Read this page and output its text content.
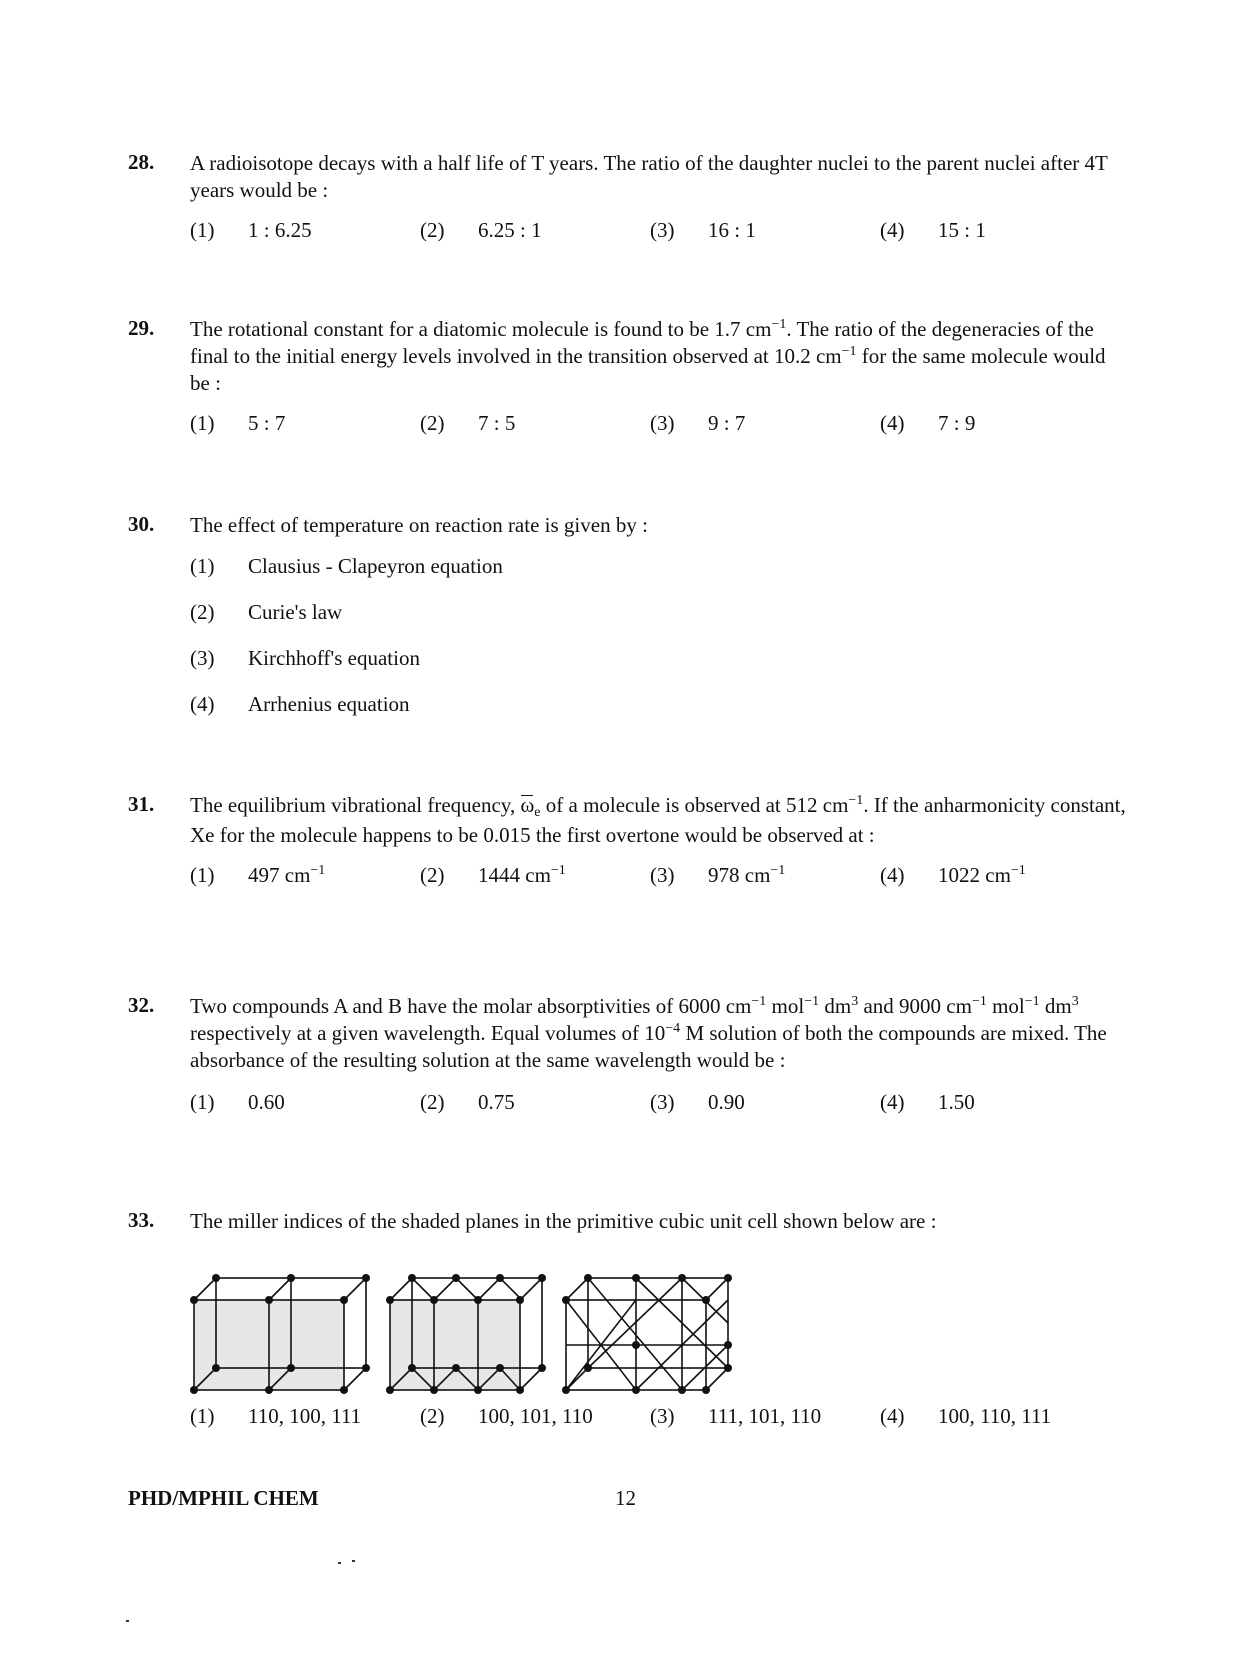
28. A radioisotope decays with a half life of T years. The ratio of the daughter nuclei to the parent nuclei after 4T years would be :
(1) 1 : 6.25	(2) 6.25 : 1	(3) 16 : 1	(4) 15 : 1
29. The rotational constant for a diatomic molecule is found to be 1.7 $cm^{-1}$. The ratio of the degeneracies of the final to the initial energy levels involved in the transition observed at 10.2 $cm^{-1}$ for the same molecule would be :
(1) 5 : 7	(2) 7 : 5	(3) 9 : 7	(4) 7 : 9
30. The effect of temperature on reaction rate is given by :
(1) Clausius - Clapeyron equation
(2) Curie's law
(3) Kirchhoff's equation
(4) Arrhenius equation
31. The equilibrium vibrational frequency, ωe of a molecule is observed at 512 $cm^{-1}$. If the anharmonicity constant, Xe for the molecule happens to be 0.015 the first overtone would be observed at :
(1) 497 $cm^{-1}$	(2) 1444 $cm^{-1}$	(3) 978 $cm^{-1}$	(4) 1022 $cm^{-1}$
32. Two compounds A and B have the molar absorptivities of 6000 $cm^{-1}$ mol$^{-1}$ $dm^3$ and 9000 $cm^{-1}$ mol$^{-1}$ $dm^3$ respectively at a given wavelength. Equal volumes of $10^{-4}$ M solution of both the compounds are mixed. The absorbance of the resulting solution at the same wavelength would be :
(1) 0.60	(2) 0.75	(3) 0.90	(4) 1.50
33. The miller indices of the shaded planes in the primitive cubic unit cell shown below are :
(1) 110, 100, 111	(2) 100, 101, 110	(3) 111, 101, 110	(4) 100, 110, 111
PHD/MPHIL CHEM	12
